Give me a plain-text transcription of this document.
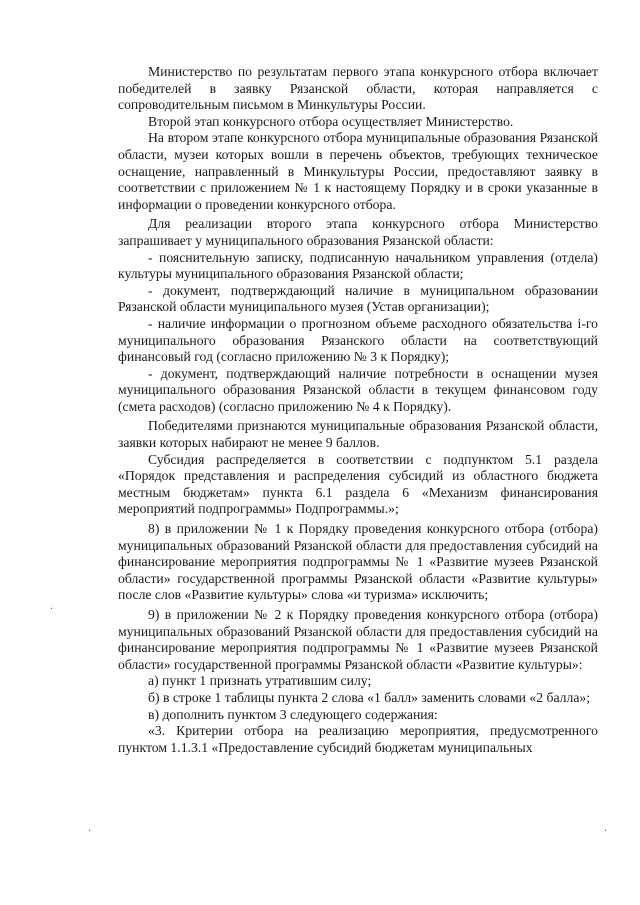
Министерство по результатам первого этапа конкурсного отбора включает победителей в заявку Рязанской области, которая направляется с сопроводительным письмом в Минкультуры России.

Второй этап конкурсного отбора осуществляет Министерство.

На втором этапе конкурсного отбора муниципальные образования Рязанской области, музеи которых вошли в перечень объектов, требующих техническое оснащение, направленный в Минкультуры России, предоставляют заявку в соответствии с приложением № 1 к настоящему Порядку и в сроки указанные в информации о проведении конкурсного отбора.

Для реализации второго этапа конкурсного отбора Министерство запрашивает у муниципального образования Рязанской области:

- пояснительную записку, подписанную начальником управления (отдела) культуры муниципального образования Рязанской области;

- документ, подтверждающий наличие в муниципальном образовании Рязанской области муниципального музея (Устав организации);

- наличие информации о прогнозном объеме расходного обязательства i-го муниципального образования Рязанского области на соответствующий финансовый год (согласно приложению № 3 к Порядку);

- документ, подтверждающий наличие потребности в оснащении музея муниципального образования Рязанской области в текущем финансовом году (смета расходов) (согласно приложению № 4 к Порядку).

Победителями признаются муниципальные образования Рязанской области, заявки которых набирают не менее 9 баллов.

Субсидия распределяется в соответствии с подпунктом 5.1 раздела «Порядок представления и распределения субсидий из областного бюджета местным бюджетам» пункта 6.1 раздела 6 «Механизм финансирования мероприятий подпрограммы» Подпрограммы.»;

8) в приложении № 1 к Порядку проведения конкурсного отбора (отбора) муниципальных образований Рязанской области для предоставления субсидий на финансирование мероприятия подпрограммы № 1 «Развитие музеев Рязанской области» государственной программы Рязанской области «Развитие культуры» после слов «Развитие культуры» слова «и туризма» исключить;

9) в приложении № 2 к Порядку проведения конкурсного отбора (отбора) муниципальных образований Рязанской области для предоставления субсидий на финансирование мероприятия подпрограммы № 1 «Развитие музеев Рязанской области» государственной программы Рязанской области «Развитие культуры»:

а) пункт 1 признать утратившим силу;

б) в строке 1 таблицы пункта 2 слова «1 балл» заменить словами «2 балла»;

в) дополнить пунктом 3 следующего содержания:

«3. Критерии отбора на реализацию мероприятия, предусмотренного пунктом 1.1.3.1 «Предоставление субсидий бюджетам муниципальных

·
·	·
